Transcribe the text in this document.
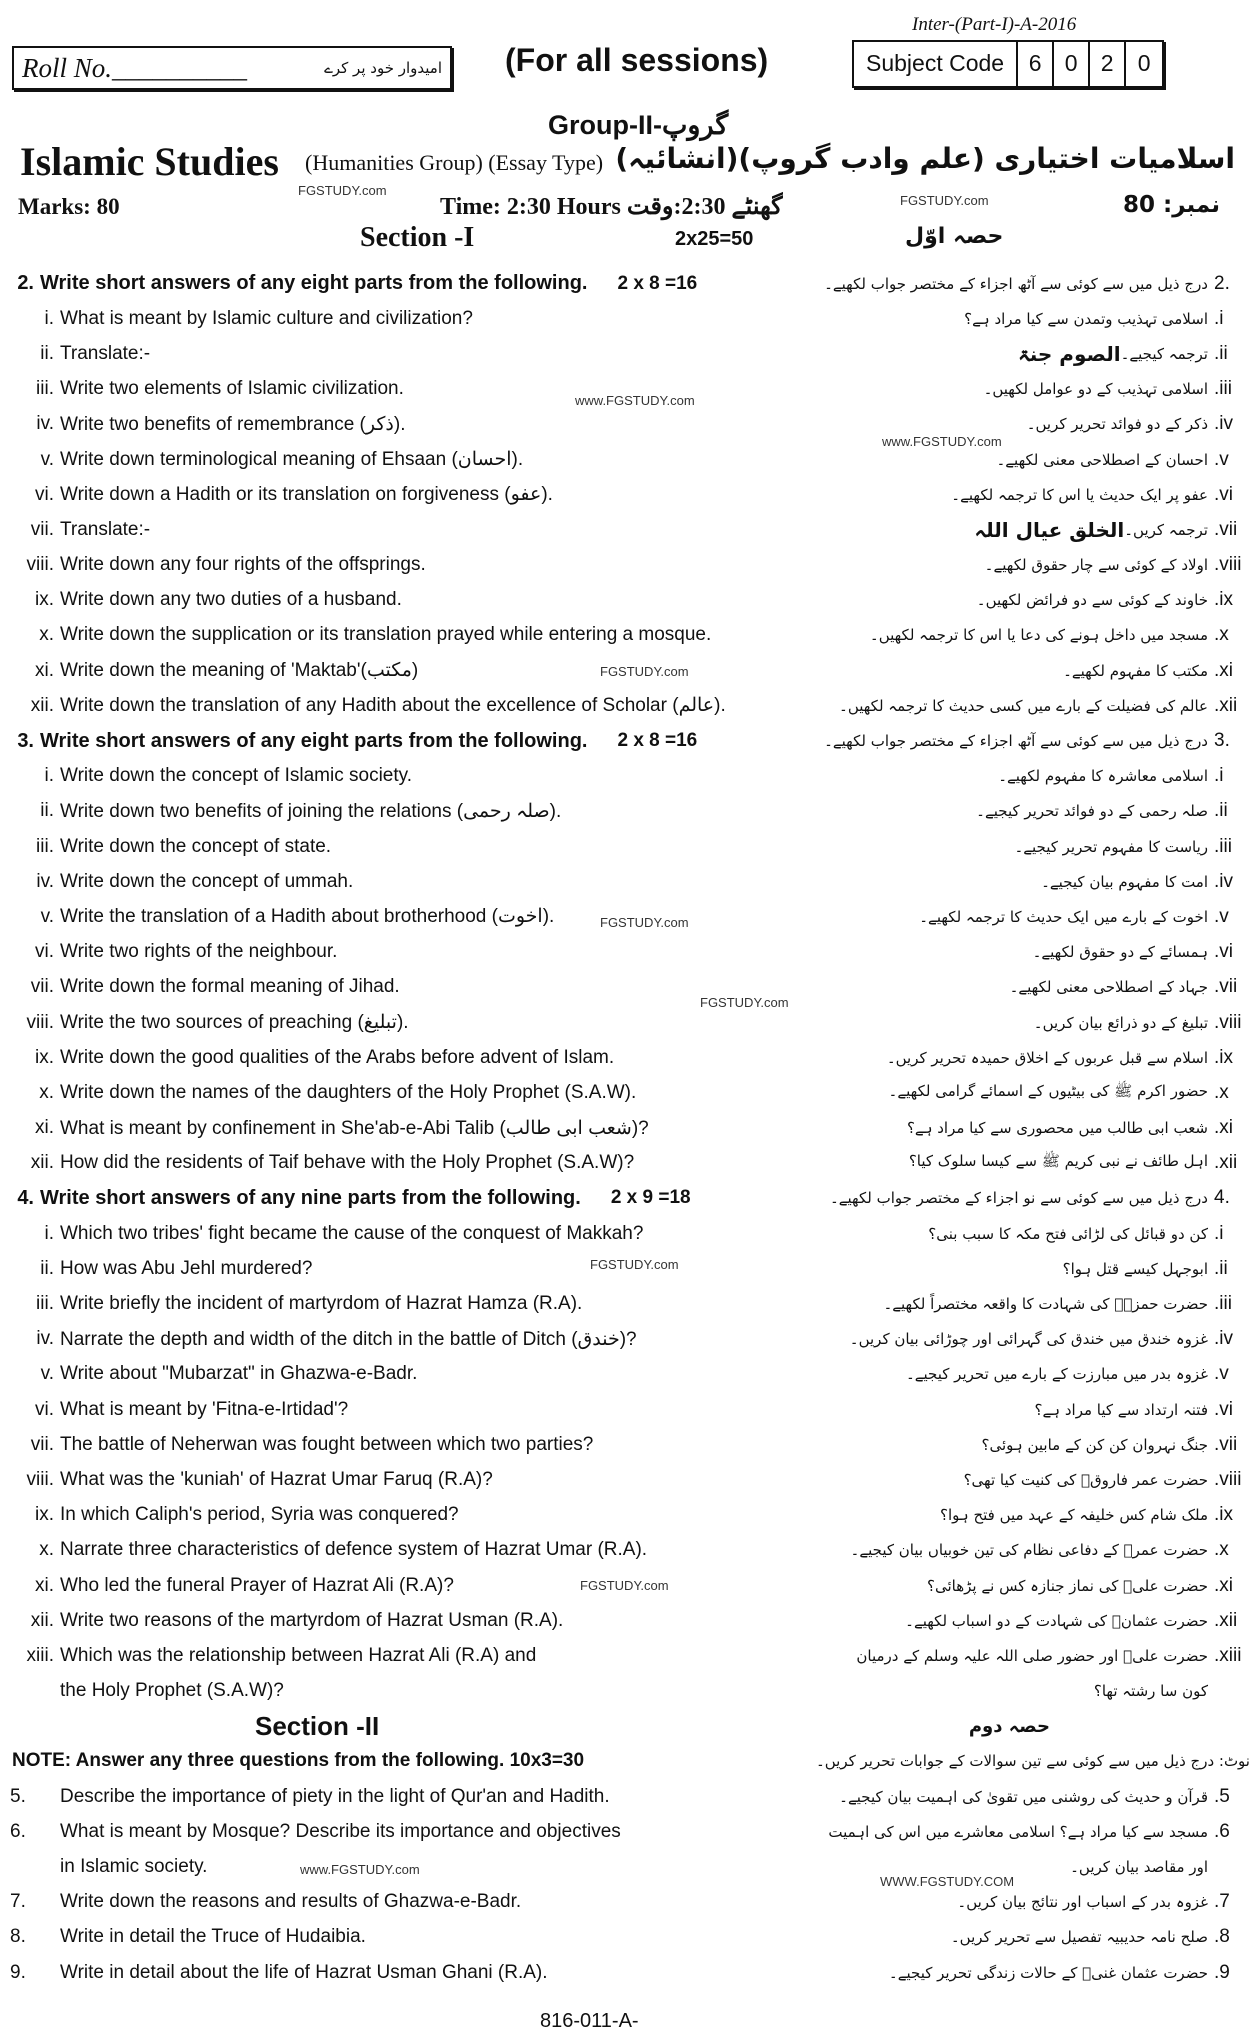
Inter-(Part-I)-A-2016
Roll No.__________	امیدوار خود پر کرے (For all sessions)	Subject Code	6	0	2	0
Group-II-گروپ
Islamic Studies (Humanities Group) (Essay Type) اسلامیات اختیاری (علم وادب گروپ)(انشائیہ)
Marks: 80	Time: 2:30 Hours گھنٹے 2:30:وقت	نمبر: 80
Section -I	2x25=50	حصہ اوّل
FGSTUDY.com
FGSTUDY.com
www.FGSTUDY.com
www.FGSTUDY.com
FGSTUDY.com
FGSTUDY.com
FGSTUDY.com
FGSTUDY.com
FGSTUDY.com
www.FGSTUDY.com
WWW.FGSTUDY.COM
2. Write short answers of any eight parts from the following. 2 x 8 =16	درج ذیل میں سے کوئی سے آٹھ اجزاء کے مختصر جواب لکھیے۔ 2.
i. What is meant by Islamic culture and civilization?	اسلامی تہذیب وتمدن سے کیا مراد ہے؟ .i
ii. Translate:-	الصوم جنۃ ترجمہ کیجیے۔ .ii
iii. Write two elements of Islamic civilization.	اسلامی تہذیب کے دو عوامل لکھیں۔ .iii
iv. Write two benefits of remembrance (ذکر).	ذکر کے دو فوائد تحریر کریں۔ .iv
v. Write down terminological meaning of Ehsaan (احسان).	احسان کے اصطلاحی معنی لکھیے۔ .v
vi. Write down a Hadith or its translation on forgiveness (عفو).	عفو پر ایک حدیث یا اس کا ترجمہ لکھیے۔ .vi
vii. Translate:-	الخلق عیال اللہ ترجمہ کریں۔ .vii
viii. Write down any four rights of the offsprings.	اولاد کے کوئی سے چار حقوق لکھیے۔ .viii
ix. Write down any two duties of a husband.	خاوند کے کوئی سے دو فرائض لکھیں۔ .ix
x. Write down the supplication or its translation prayed while entering a mosque.	مسجد میں داخل ہونے کی دعا یا اس کا ترجمہ لکھیں۔ .x
xi. Write down the meaning of 'Maktab'(مکتب)	مکتب کا مفہوم لکھیے۔ .xi
xii. Write down the translation of any Hadith about the excellence of Scholar (عالم).	عالم کی فضیلت کے بارے میں کسی حدیث کا ترجمہ لکھیں۔ .xii
3. Write short answers of any eight parts from the following. 2 x 8 =16	درج ذیل میں سے کوئی سے آٹھ اجزاء کے مختصر جواب لکھیے۔ 3.
i. Write down the concept of Islamic society.	اسلامی معاشرہ کا مفہوم لکھیے۔ .i
ii. Write down two benefits of joining the relations (صلہ رحمی).	صلہ رحمی کے دو فوائد تحریر کیجیے۔ .ii
iii. Write down the concept of state.	ریاست کا مفہوم تحریر کیجیے۔ .iii
iv. Write down the concept of ummah.	امت کا مفہوم بیان کیجیے۔ .iv
v. Write the translation of a Hadith about brotherhood (اخوت).	اخوت کے بارے میں ایک حدیث کا ترجمہ لکھیے۔ .v
vi. Write two rights of the neighbour.	ہمسائے کے دو حقوق لکھیے۔ .vi
vii. Write down the formal meaning of Jihad.	جہاد کے اصطلاحی معنی لکھیے۔ .vii
viii. Write the two sources of preaching (تبلیغ).	تبلیغ کے دو ذرائع بیان کریں۔ .viii
ix. Write down the good qualities of the Arabs before advent of Islam.	اسلام سے قبل عربوں کے اخلاق حمیدہ تحریر کریں۔ .ix
x. Write down the names of the daughters of the Holy Prophet (S.A.W).	حضور اکرم ﷺ کی بیٹیوں کے اسمائے گرامی لکھیے۔ .x
xi. What is meant by confinement in She'ab-e-Abi Talib (شعب ابی طالب)?	شعب ابی طالب میں محصوری سے کیا مراد ہے؟ .xi
xii. How did the residents of Taif behave with the Holy Prophet (S.A.W)?	اہل طائف نے نبی کریم ﷺ سے کیسا سلوک کیا؟ .xii
4. Write short answers of any nine parts from the following. 2 x 9 =18	درج ذیل میں سے کوئی سے نو اجزاء کے مختصر جواب لکھیے۔ 4.
i. Which two tribes' fight became the cause of the conquest of Makkah?	کن دو قبائل کی لڑائی فتح مکہ کا سبب بنی؟ .i
ii. How was Abu Jehl murdered?	ابوجہل کیسے قتل ہوا؟ .ii
iii. Write briefly the incident of martyrdom of Hazrat Hamza (R.A).	حضرت حمزہؓ کی شہادت کا واقعہ مختصراً لکھیے۔ .iii
iv. Narrate the depth and width of the ditch in the battle of Ditch (خندق)?	غزوہ خندق میں خندق کی گہرائی اور چوڑائی بیان کریں۔ .iv
v. Write about "Mubarzat" in Ghazwa-e-Badr.	غزوہ بدر میں مبارزت کے بارے میں تحریر کیجیے۔ .v
vi. What is meant by 'Fitna-e-Irtidad'?	فتنہ ارتداد سے کیا مراد ہے؟ .vi
vii. The battle of Neherwan was fought between which two parties?	جنگ نہروان کن کن کے مابین ہوئی؟ .vii
viii. What was the 'kuniah' of Hazrat Umar Faruq (R.A)?	حضرت عمر فاروقؓ کی کنیت کیا تھی؟ .viii
ix. In which Caliph's period, Syria was conquered?	ملک شام کس خلیفہ کے عہد میں فتح ہوا؟ .ix
x. Narrate three characteristics of defence system of Hazrat Umar (R.A).	حضرت عمرؓ کے دفاعی نظام کی تین خوبیاں بیان کیجیے۔ .x
xi. Who led the funeral Prayer of Hazrat Ali (R.A)?	حضرت علیؓ کی نماز جنازہ کس نے پڑھائی؟ .xi
xii. Write two reasons of the martyrdom of Hazrat Usman (R.A).	حضرت عثمانؓ کی شہادت کے دو اسباب لکھیے۔ .xii
xiii. Which was the relationship between Hazrat Ali (R.A) and	حضرت علیؓ اور حضور صلی اللہ علیہ وسلم کے درمیان .xiii
the Holy Prophet (S.A.W)?	کون سا رشتہ تھا؟
Section -II	حصہ دوم
NOTE: Answer any three questions from the following. 10x3=30	نوٹ: درج ذیل میں سے کوئی سے تین سوالات کے جوابات تحریر کریں۔
5.	Describe the importance of piety in the light of Qur'an and Hadith.	قرآن و حدیث کی روشنی میں تقویٰ کی اہمیت بیان کیجیے۔ .5
6.	What is meant by Mosque? Describe its importance and objectives	مسجد سے کیا مراد ہے؟ اسلامی معاشرے میں اس کی اہمیت .6
in Islamic society.	اور مقاصد بیان کریں۔
7.	Write down the reasons and results of Ghazwa-e-Badr.	غزوہ بدر کے اسباب اور نتائج بیان کریں۔ .7
8.	Write in detail the Truce of Hudaibia.	صلح نامہ حدیبیہ تفصیل سے تحریر کریں۔ .8
9.	Write in detail about the life of Hazrat Usman Ghani (R.A).	حضرت عثمان غنیؓ کے حالات زندگی تحریر کیجیے۔ .9
816-011-A-
